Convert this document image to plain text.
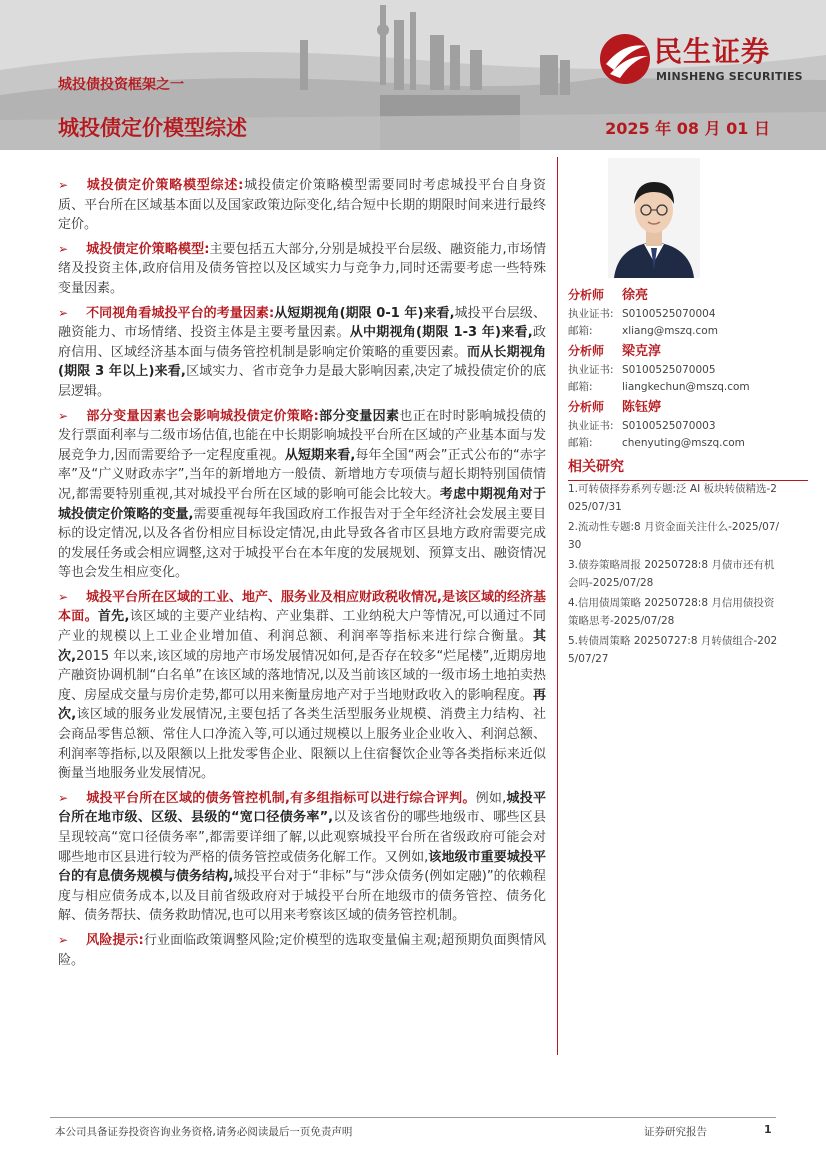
城投债投资框架之一
城投债定价模型综述	2025 年 08 月 01 日
民生证券
MINSHENG SECURITIES

➢ 城投债定价策略模型综述:城投债定价策略模型需要同时考虑城投平台自身资质、平台所在区域基本面以及国家政策边际变化,结合短中长期的期限时间来进行最终定价。

➢ 城投债定价策略模型:主要包括五大部分,分别是城投平台层级、融资能力,市场情绪及投资主体,政府信用及债务管控以及区域实力与竞争力,同时还需要考虑一些特殊变量因素。

➢ 不同视角看城投平台的考量因素:从短期视角(期限 0-1 年)来看,城投平台层级、融资能力、市场情绪、投资主体是主要考量因素。从中期视角(期限 1-3 年)来看,政府信用、区域经济基本面与债务管控机制是影响定价策略的重要因素。而从长期视角(期限 3 年以上)来看,区域实力、省市竞争力是最大影响因素,决定了城投债定价的底层逻辑。

➢ 部分变量因素也会影响城投债定价策略:部分变量因素也正在时时影响城投债的发行票面利率与二级市场估值,也能在中长期影响城投平台所在区域的产业基本面与发展竞争力,因而需要给予一定程度重视。从短期来看,每年全国“两会”正式公布的“赤字率”及“广义财政赤字”,当年的新增地方一般债、新增地方专项债与超长期特别国债情况,都需要特别重视,其对城投平台所在区域的影响可能会比较大。考虑中期视角对于城投债定价策略的变量,需要重视每年我国政府工作报告对于全年经济社会发展主要目标的设定情况,以及各省份相应目标设定情况,由此导致各省市区县地方政府需要完成的发展任务或会相应调整,这对于城投平台在本年度的发展规划、预算支出、融资情况等也会发生相应变化。

➢ 城投平台所在区域的工业、地产、服务业及相应财政税收情况,是该区域的经济基本面。首先,该区域的主要产业结构、产业集群、工业纳税大户等情况,可以通过不同产业的规模以上工业企业增加值、利润总额、利润率等指标来进行综合衡量。其次,2015 年以来,该区域的房地产市场发展情况如何,是否存在较多“烂尾楼”,近期房地产融资协调机制“白名单”在该区域的落地情况,以及当前该区域的一级市场土地拍卖热度、房屋成交量与房价走势,都可以用来衡量房地产对于当地财政收入的影响程度。再次,该区域的服务业发展情况,主要包括了各类生活型服务业规模、消费主力结构、社会商品零售总额、常住人口净流入等,可以通过规模以上服务业企业收入、利润总额、利润率等指标,以及限额以上批发零售企业、限额以上住宿餐饮企业等各类指标来近似衡量当地服务业发展情况。

➢ 城投平台所在区域的债务管控机制,有多组指标可以进行综合评判。例如,城投平台所在地市级、区级、县级的“宽口径债务率”,以及该省份的哪些地级市、哪些区县呈现较高“宽口径债务率”,都需要详细了解,以此观察城投平台所在省级政府可能会对哪些地市区县进行较为严格的债务管控或债务化解工作。又例如,该地级市重要城投平台的有息债务规模与债务结构,城投平台对于“非标”与“涉众债务(例如定融)”的依赖程度与相应债务成本,以及目前省级政府对于城投平台所在地级市的债务管控、债务化解、债务帮扶、债务救助情况,也可以用来考察该区域的债务管控机制。

➢ 风险提示:行业面临政策调整风险;定价模型的选取变量偏主观;超预期负面舆情风险。

分析师 徐亮
执业证书: S0100525070004
邮箱:	xliang@mszq.com
分析师 梁克淳
执业证书: S0100525070005
邮箱:	liangkechun@mszq.com
分析师 陈钰婷
执业证书: S0100525070003
邮箱:	chenyuting@mszq.com
相关研究
1.可转债择券系列专题:泛 AI 板块转债精选-2025/07/31
2.流动性专题:8 月资金面关注什么-2025/07/30
3.债券策略周报 20250728:8 月债市还有机会吗-2025/07/28
4.信用债周策略 20250728:8 月信用债投资策略思考-2025/07/28
5.转债周策略 20250727:8 月转债组合-2025/07/27
本公司具备证券投资咨询业务资格,请务必阅读最后一页免责声明	证券研究报告	1
